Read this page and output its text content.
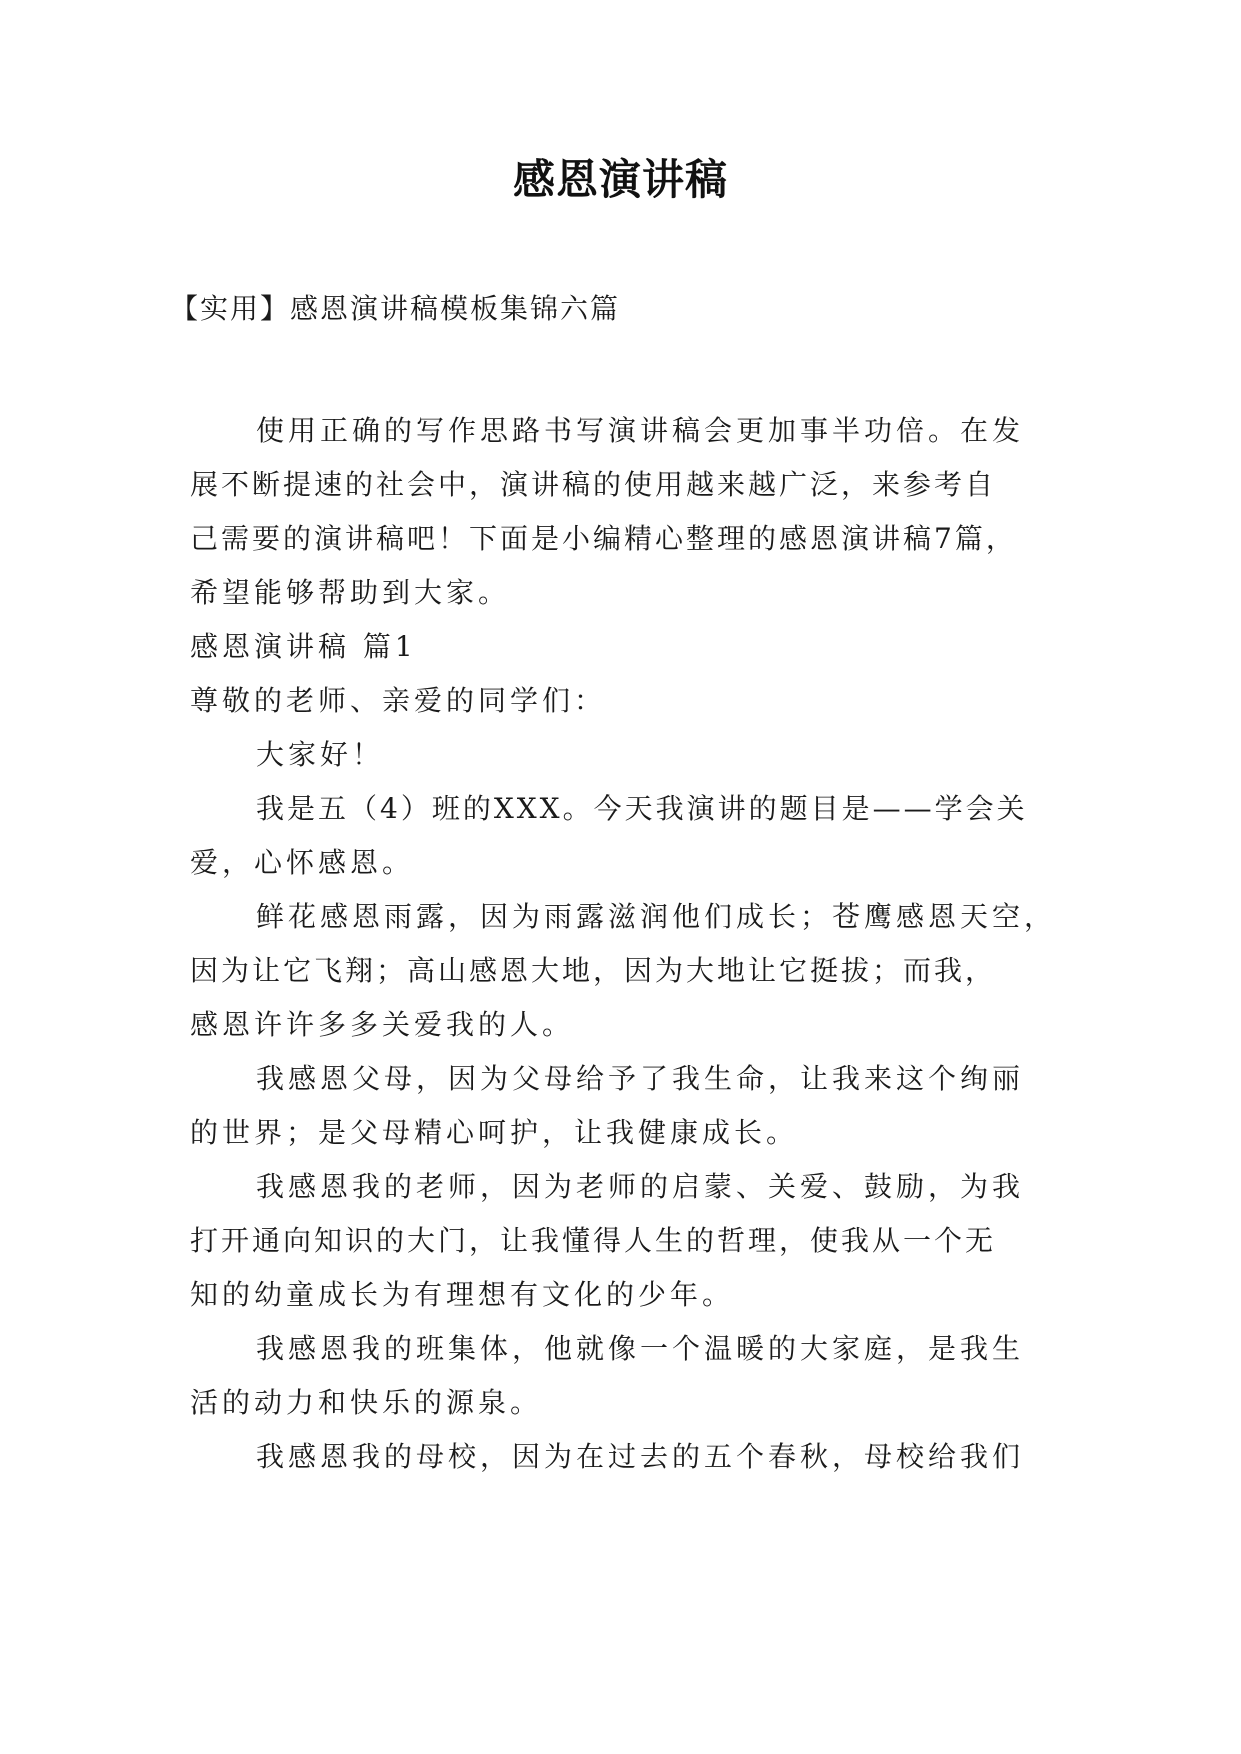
感恩演讲稿
【实用】感恩演讲稿模板集锦六篇
使用正确的写作思路书写演讲稿会更加事半功倍。在发
展不断提速的社会中，演讲稿的使用越来越广泛，来参考自
己需要的演讲稿吧！下面是小编精心整理的感恩演讲稿7篇，
希望能够帮助到大家。
感恩演讲稿 篇1
尊敬的老师、亲爱的同学们：
大家好！
我是五（4）班的XXX。今天我演讲的题目是——学会关
爱，心怀感恩。
鲜花感恩雨露，因为雨露滋润他们成长；苍鹰感恩天空，
因为让它飞翔；高山感恩大地，因为大地让它挺拔；而我，
感恩许许多多关爱我的人。
我感恩父母，因为父母给予了我生命，让我来这个绚丽
的世界；是父母精心呵护，让我健康成长。
我感恩我的老师，因为老师的启蒙、关爱、鼓励，为我
打开通向知识的大门，让我懂得人生的哲理，使我从一个无
知的幼童成长为有理想有文化的少年。
我感恩我的班集体，他就像一个温暖的大家庭，是我生
活的动力和快乐的源泉。
我感恩我的母校，因为在过去的五个春秋，母校给我们
